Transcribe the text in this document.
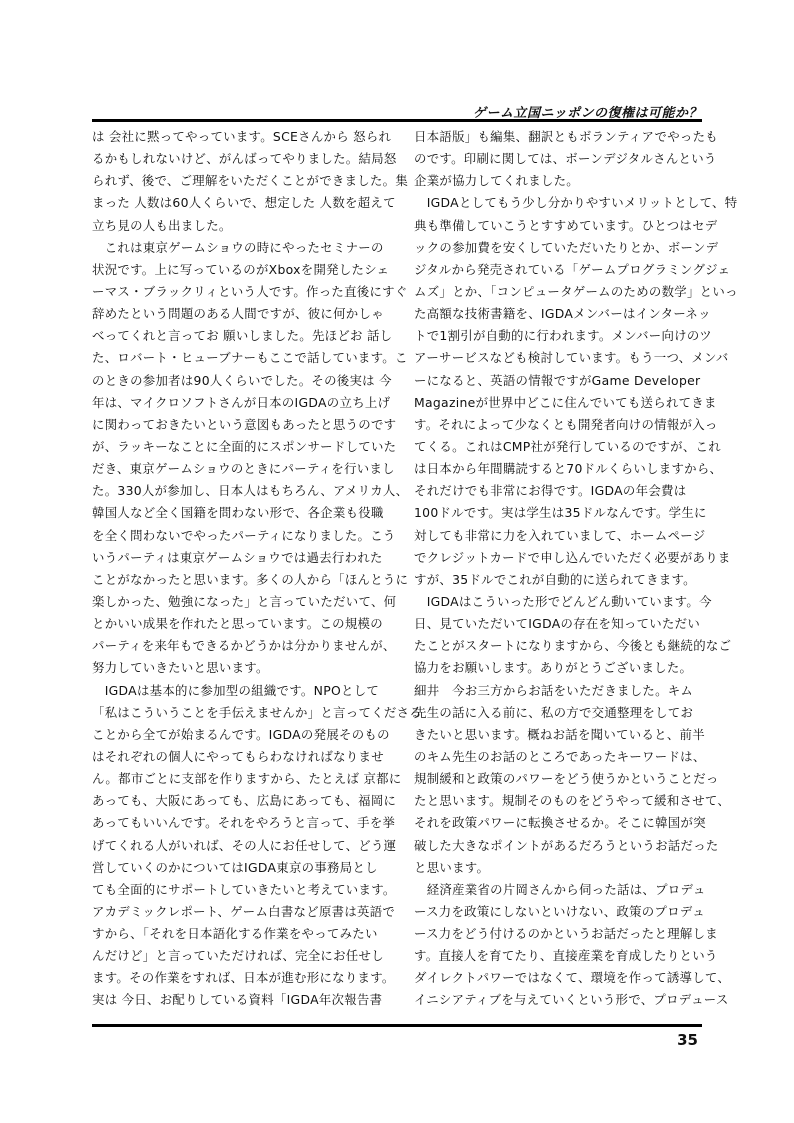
ゲーム立国ニッポンの復権は可能か？
は 会社に黙ってやっています。SCEさんから 怒られ
るかもしれないけど、がんばってやりました。結局怒
られず、後で、ご理解をいただくことができました。集
まった 人数は60人くらいで、想定した 人数を超えて
立ち見の人も出ました。
　これは東京ゲームショウの時にやったセミナーの
状況です。上に写っているのがXboxを開発したシェ
ーマス・ブラックリィという人です。作った直後にすぐ
辞めたという問題のある人間ですが、彼に何かしゃ
べってくれと言ってお 願いしました。先ほどお 話し
た、ロバート・ヒューブナーもここで話しています。こ
のときの参加者は90人くらいでした。その後実は 今
年は、マイクロソフトさんが日本のIGDAの立ち上げ
に関わっておきたいという意図もあったと思うのです
が、ラッキーなことに全面的にスポンサードしていた
だき、東京ゲームショウのときにパーティを行いまし
た。330人が参加し、日本人はもちろん、アメリカ人、
韓国人など全く国籍を問わない形で、各企業も役職
を全く問わないでやったパーティになりました。こう
いうパーティは東京ゲームショウでは過去行われた
ことがなかったと思います。多くの人から「ほんとうに
楽しかった、勉強になった」と言っていただいて、何
とかいい成果を作れたと思っています。この規模の
パーティを来年もできるかどうかは分かりませんが、
努力していきたいと思います。
　IGDAは基本的に参加型の組織です。NPOとして
「私はこういうことを手伝えませんか」と言ってくださる
ことから全てが始まるんです。IGDAの発展そのもの
はそれぞれの個人にやってもらわなければなりませ
ん。都市ごとに支部を作りますから、たとえば 京都に
あっても、大阪にあっても、広島にあっても、福岡に
あってもいいんです。それをやろうと言って、手を挙
げてくれる人がいれば、その人にお任せして、どう運
営していくのかについてはIGDA東京の事務局とし
ても全面的にサポートしていきたいと考えています。
アカデミックレポート、ゲーム白書など原書は英語で
すから、「それを日本語化する作業をやってみたい
んだけど」と言っていただければ、完全にお任せし
ます。その作業をすれば、日本が進む形になります。
実は 今日、お配りしている資料「IGDA年次報告書
日本語版」も編集、翻訳ともボランティアでやったも
のです。印刷に関しては、ボーンデジタルさんという
企業が協力してくれました。
　IGDAとしてもう少し分かりやすいメリットとして、特
典も準備していこうとすすめています。ひとつはセデ
ックの参加費を安くしていただいたりとか、ボーンデ
ジタルから発売されている「ゲームプログラミングジェ
ムズ」とか、「コンピュータゲームのための数学」といっ
た高額な技術書籍を、IGDAメンバーはインターネッ
トで1割引が自動的に行われます。メンバー向けのツ
アーサービスなども検討しています。もう一つ、メンバ
ーになると、英語の情報ですがGame Developer
Magazineが世界中どこに住んでいても送られてきま
す。それによって少なくとも開発者向けの情報が入っ
てくる。これはCMP社が発行しているのですが、これ
は日本から年間購読すると70ドルくらいしますから、
それだけでも非常にお得です。IGDAの年会費は
100ドルです。実は学生は35ドルなんです。学生に
対しても非常に力を入れていまして、ホームページ
でクレジットカードで申し込んでいただく必要がありま
すが、35ドルでこれが自動的に送られてきます。
　IGDAはこういった形でどんどん動いています。今
日、見ていただいてIGDAの存在を知っていただい
たことがスタートになりますから、今後とも継続的なご
協力をお願いします。ありがとうございました。
細井　今お三方からお話をいただきました。キム
先生の話に入る前に、私の方で交通整理をしてお
きたいと思います。概ねお話を聞いていると、前半
のキム先生のお話のところであったキーワードは、
規制緩和と政策のパワーをどう使うかということだっ
たと思います。規制そのものをどうやって緩和させて、
それを政策パワーに転換させるか。そこに韓国が突
破した大きなポイントがあるだろうというお話だった
と思います。
　経済産業省の片岡さんから伺った話は、プロデュ
ース力を政策にしないといけない、政策のプロデュ
ース力をどう付けるのかというお話だったと理解しま
す。直接人を育てたり、直接産業を育成したりという
ダイレクトパワーではなくて、環境を作って誘導して、
イニシアティブを与えていくという形で、プロデュース
35
